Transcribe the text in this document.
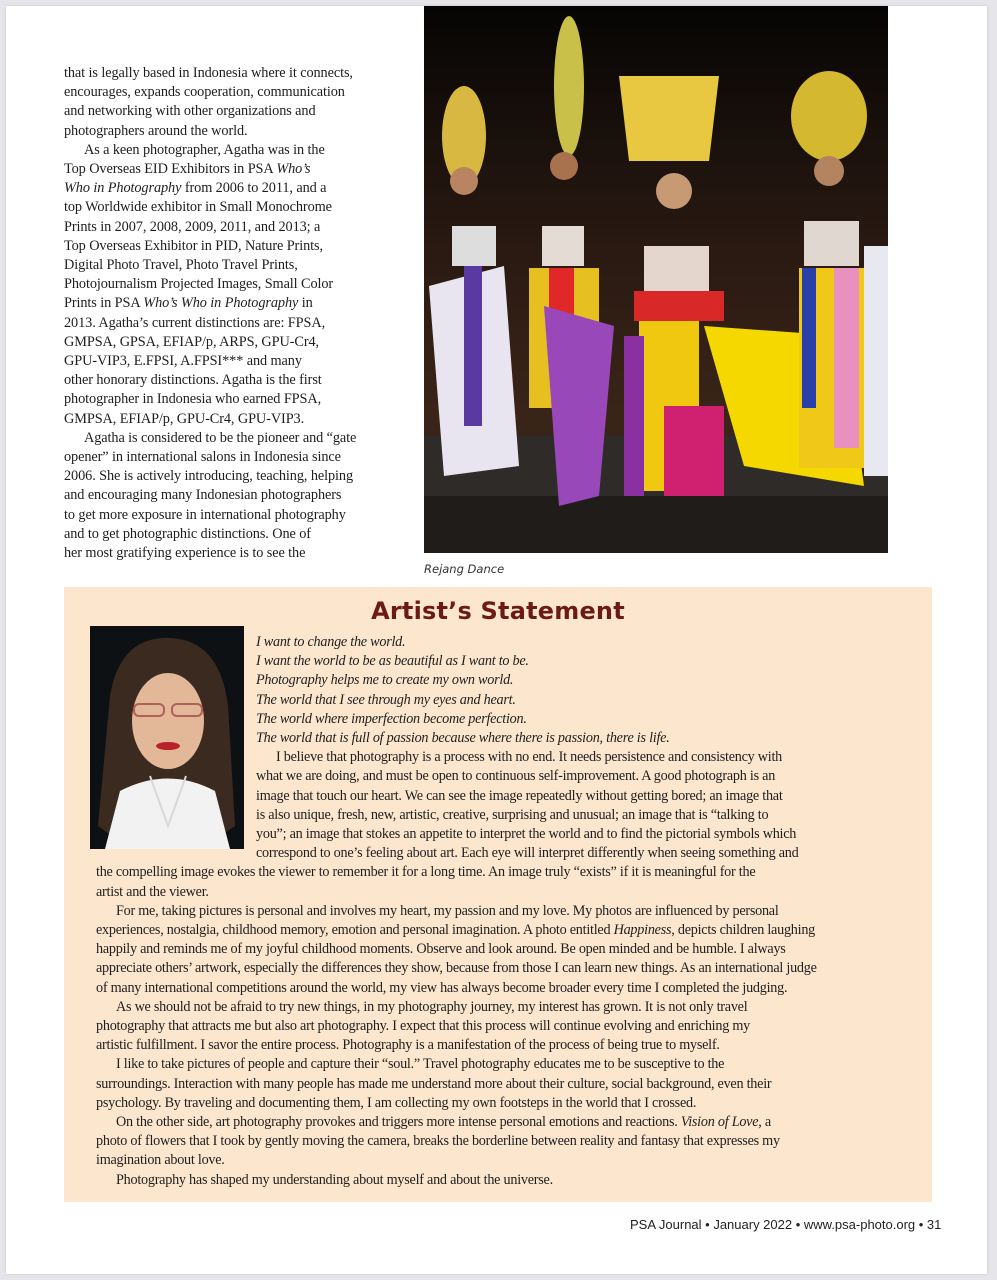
that is legally based in Indonesia where it connects,
encourages, expands cooperation, communication
and networking with other organizations and
photographers around the world.

As a keen photographer, Agatha was in the
Top Overseas EID Exhibitors in PSA Who’s
Who in Photography from 2006 to 2011, and a
top Worldwide exhibitor in Small Monochrome
Prints in 2007, 2008, 2009, 2011, and 2013; a
Top Overseas Exhibitor in PID, Nature Prints,
Digital Photo Travel, Photo Travel Prints,
Photojournalism Projected Images, Small Color
Prints in PSA Who’s Who in Photography in
2013. Agatha’s current distinctions are: FPSA,
GMPSA, GPSA, EFIAP/p, ARPS, GPU-Cr4,
GPU-VIP3, E.FPSI, A.FPSI*** and many
other honorary distinctions. Agatha is the first
photographer in Indonesia who earned FPSA,
GMPSA, EFIAP/p, GPU-Cr4, GPU-VIP3.

Agatha is considered to be the pioneer and “gate
opener” in international salons in Indonesia since
2006. She is actively introducing, teaching, helping
and encouraging many Indonesian photographers
to get more exposure in international photography
and to get photographic distinctions. One of
her most gratifying experience is to see the

Rejang Dance
Artist’s Statement

I want to change the world.
I want the world to be as beautiful as I want to be.
Photography helps me to create my own world.
The world that I see through my eyes and heart.
The world where imperfection become perfection.
The world that is full of passion because where there is passion, there is life.

I believe that photography is a process with no end. It needs persistence and consistency with
what we are doing, and must be open to continuous self-improvement. A good photograph is an
image that touch our heart. We can see the image repeatedly without getting bored; an image that
is also unique, fresh, new, artistic, creative, surprising and unusual; an image that is “talking to
you”; an image that stokes an appetite to interpret the world and to find the pictorial symbols which
correspond to one’s feeling about art. Each eye will interpret differently when seeing something and
the compelling image evokes the viewer to remember it for a long time. An image truly “exists” if it is meaningful for the
artist and the viewer.

For me, taking pictures is personal and involves my heart, my passion and my love. My photos are influenced by personal
experiences, nostalgia, childhood memory, emotion and personal imagination. A photo entitled Happiness, depicts children laughing
happily and reminds me of my joyful childhood moments. Observe and look around. Be open minded and be humble. I always
appreciate others’ artwork, especially the differences they show, because from those I can learn new things. As an international judge
of many international competitions around the world, my view has always become broader every time I completed the judging.

As we should not be afraid to try new things, in my photography journey, my interest has grown. It is not only travel
photography that attracts me but also art photography. I expect that this process will continue evolving and enriching my
artistic fulfillment. I savor the entire process. Photography is a manifestation of the process of being true to myself.

I like to take pictures of people and capture their “soul.” Travel photography educates me to be susceptive to the
surroundings. Interaction with many people has made me understand more about their culture, social background, even their
psychology. By traveling and documenting them, I am collecting my own footsteps in the world that I crossed.

On the other side, art photography provokes and triggers more intense personal emotions and reactions. Vision of Love, a
photo of flowers that I took by gently moving the camera, breaks the borderline between reality and fantasy that expresses my
imagination about love.

Photography has shaped my understanding about myself and about the universe.

PSA Journal • January 2022 • www.psa-photo.org • 31
